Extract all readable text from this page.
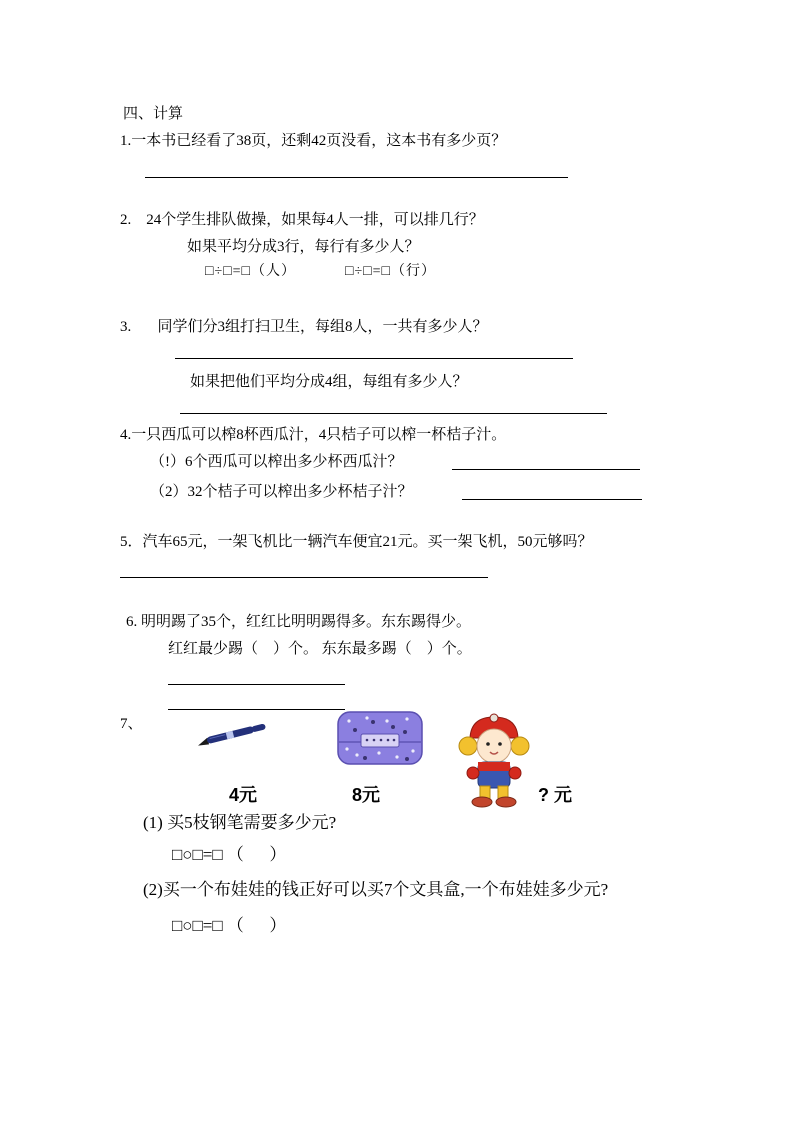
四、计算
1.一本书已经看了38页，还剩42页没看，这本书有多少页？
2.    24个学生排队做操，如果每4人一排，可以排几行？
如果平均分成3行，每行有多少人？
□÷□=□（人）	□÷□=□（行）
3.       同学们分3组打扫卫生，每组8人，一共有多少人？
如果把他们平均分成4组，每组有多少人？
4.一只西瓜可以榨8杯西瓜汁，4只桔子可以榨一杯桔子汁。
（!）6个西瓜可以榨出多少杯西瓜汁？
（2）32个桔子可以榨出多少杯桔子汁？
5．汽车65元，一架飞机比一辆汽车便宜21元。买一架飞机，50元够吗？
6. 明明踢了35个，红红比明明踢得多。东东踢得少。
红红最少踢（    ）个。 东东最多踢（    ）个。
7、
4元	8元	? 元
(1) 买5枝钢笔需要多少元?
□○□=□ （      ）
(2)买一个布娃娃的钱正好可以买7个文具盒,一个布娃娃多少元?
□○□=□ （      ）
